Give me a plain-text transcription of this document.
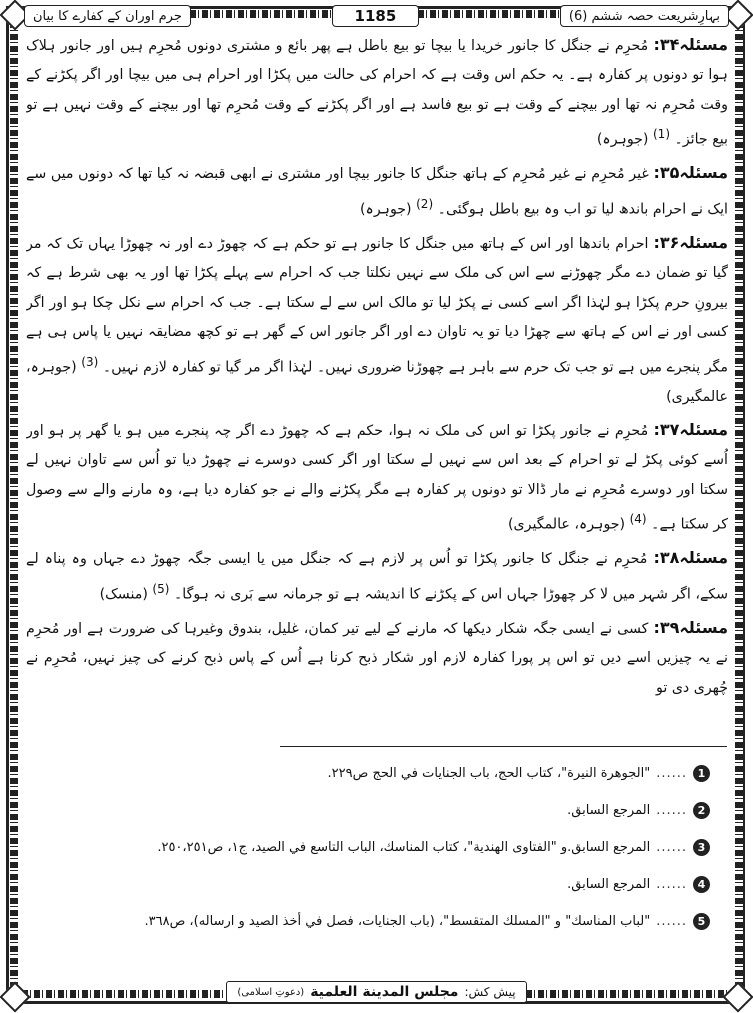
بہارِشریعت حصہ ششم (6)
1185
جرم اوران کے کفارے کا بیان

مسئلہ۳۴: مُحرِم نے جنگل کا جانور خریدا یا بیچا تو بیع باطل ہے پھر بائع و مشتری دونوں مُحرِم ہیں اور جانور ہلاک ہوا تو دونوں پر کفارہ ہے۔ یہ حکم اس وقت ہے کہ احرام کی حالت میں پکڑا اور احرام ہی میں بیچا اور اگر پکڑنے کے وقت مُحرِم نہ تھا اور بیچنے کے وقت ہے تو بیع فاسد ہے اور اگر پکڑنے کے وقت مُحرِم تھا اور بیچنے کے وقت نہیں ہے تو بیع جائز۔ $^{(1)}$ (جوہرہ)

مسئلہ۳۵: غیر مُحرِم نے غیر مُحرِم کے ہاتھ جنگل کا جانور بیچا اور مشتری نے ابھی قبضہ نہ کیا تھا کہ دونوں میں سے ایک نے احرام باندھ لیا تو اب وہ بیع باطل ہوگئی۔ $^{(2)}$ (جوہرہ)

مسئلہ۳۶: احرام باندھا اور اس کے ہاتھ میں جنگل کا جانور ہے تو حکم ہے کہ چھوڑ دے اور نہ چھوڑا یہاں تک کہ مر گیا تو ضمان دے مگر چھوڑنے سے اس کی ملک سے نہیں نکلتا جب کہ احرام سے پہلے پکڑا تھا اور یہ بھی شرط ہے کہ بیرونِ حرم پکڑا ہو لہٰذا اگر اسے کسی نے پکڑ لیا تو مالک اس سے لے سکتا ہے۔ جب کہ احرام سے نکل چکا ہو اور اگر کسی اور نے اس کے ہاتھ سے چھڑا دیا تو یہ تاوان دے اور اگر جانور اس کے گھر ہے تو کچھ مضایقہ نہیں یا پاس ہی ہے مگر پنجرے میں ہے تو جب تک حرم سے باہر ہے چھوڑنا ضروری نہیں۔ لہٰذا اگر مر گیا تو کفارہ لازم نہیں۔ $^{(3)}$ (جوہرہ، عالمگیری)

مسئلہ۳۷: مُحرِم نے جانور پکڑا تو اس کی ملک نہ ہوا، حکم ہے کہ چھوڑ دے اگر چہ پنجرے میں ہو یا گھر پر ہو اور اُسے کوئی پکڑ لے تو احرام کے بعد اس سے نہیں لے سکتا اور اگر کسی دوسرے نے چھوڑ دیا تو اُس سے تاوان نہیں لے سکتا اور دوسرے مُحرِم نے مار ڈالا تو دونوں پر کفارہ ہے مگر پکڑنے والے نے جو کفارہ دیا ہے، وہ مارنے والے سے وصول کر سکتا ہے۔ $^{(4)}$ (جوہرہ، عالمگیری)

مسئلہ۳۸: مُحرِم نے جنگل کا جانور پکڑا تو اُس پر لازم ہے کہ جنگل میں یا ایسی جگہ چھوڑ دے جہاں وہ پناہ لے سکے، اگر شہر میں لا کر چھوڑا جہاں اس کے پکڑنے کا اندیشہ ہے تو جرمانہ سے بَری نہ ہوگا۔ $^{(5)}$ (منسک)

مسئلہ۳۹: کسی نے ایسی جگہ شکار دیکھا کہ مارنے کے لیے تیر کمان، غلیل، بندوق وغیرہا کی ضرورت ہے اور مُحرِم نے یہ چیزیں اسے دیں تو اس پر پورا کفارہ لازم اور شکار ذبح کرنا ہے اُس کے پاس ذبح کرنے کی چیز نہیں، مُحرِم نے چُھری دی تو

1
......
"الجوهرة النيرة"، كتاب الحج، باب الجنايات في الحج ص٢٢٩.
2
......
المرجع السابق.
3
......
المرجع السابق.و "الفتاوى الهندية"، كتاب المناسك، الباب التاسع في الصيد، ج١، ص٢٥٠،٢٥١.
4
......
المرجع السابق.
5
......
"لباب المناسك" و "المسلك المتقسط"، (باب الجنايات، فصل في أخذ الصيد و ارساله)، ص٣٦٨.
پیش کش:
مجلس المدينة العلمية
(دعوتِ اسلامی)
